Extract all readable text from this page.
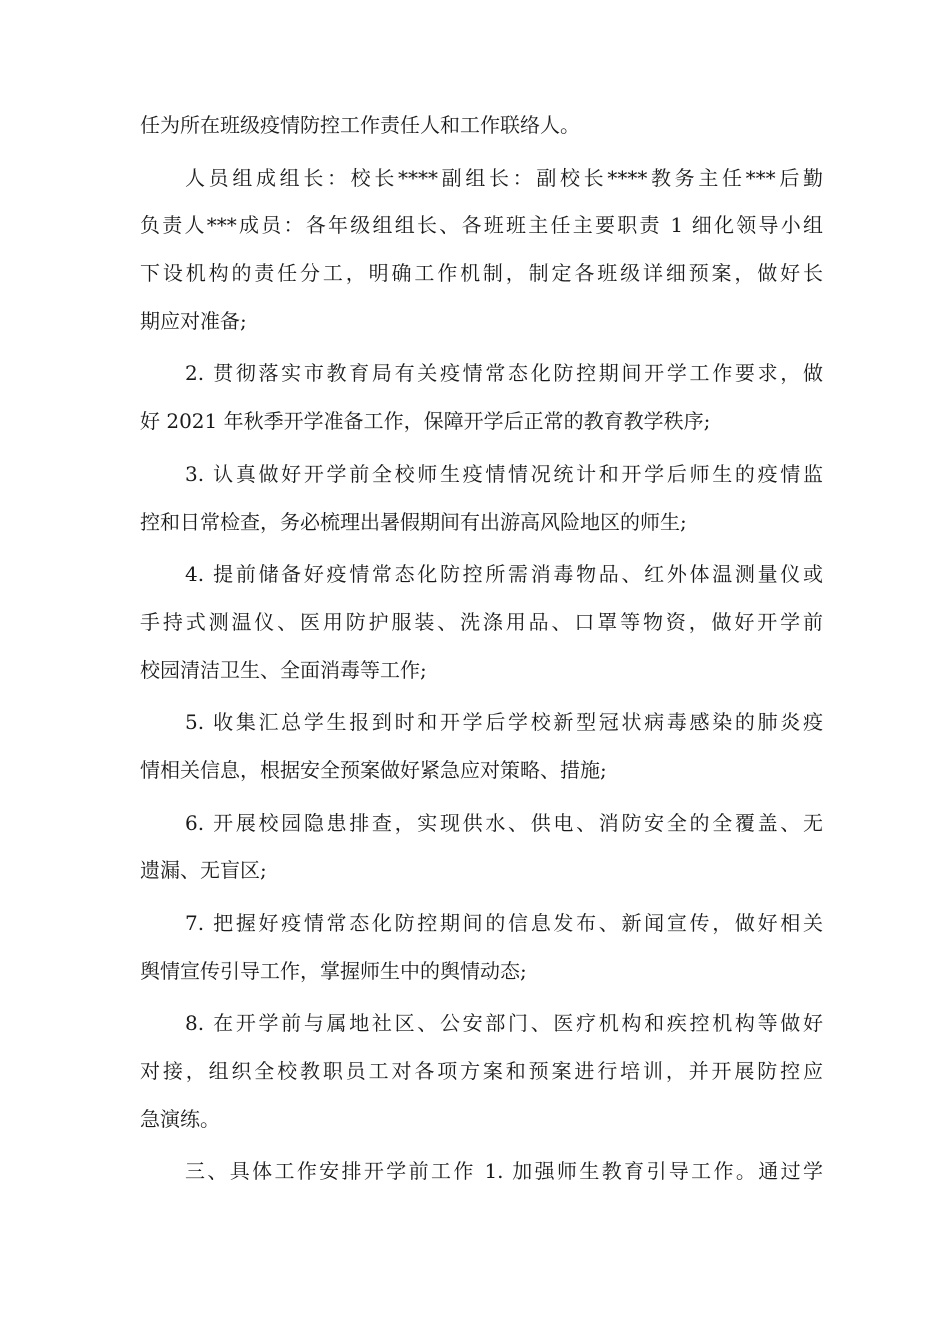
任为所在班级疫情防控工作责任人和工作联络人。
人员组成组长：校长****副组长：副校长****教务主任***后勤
负责人***成员：各年级组组长、各班班主任主要职责 1 细化领导小组
下设机构的责任分工，明确工作机制，制定各班级详细预案，做好长
期应对准备;
2. 贯彻落实市教育局有关疫情常态化防控期间开学工作要求，做
好 2021 年秋季开学准备工作，保障开学后正常的教育教学秩序;
3. 认真做好开学前全校师生疫情情况统计和开学后师生的疫情监
控和日常检查，务必梳理出暑假期间有出游高风险地区的师生;
4. 提前储备好疫情常态化防控所需消毒物品、红外体温测量仪或
手持式测温仪、医用防护服装、洗涤用品、口罩等物资，做好开学前
校园清洁卫生、全面消毒等工作;
5. 收集汇总学生报到时和开学后学校新型冠状病毒感染的肺炎疫
情相关信息，根据安全预案做好紧急应对策略、措施;
6. 开展校园隐患排查，实现供水、供电、消防安全的全覆盖、无
遗漏、无盲区;
7. 把握好疫情常态化防控期间的信息发布、新闻宣传，做好相关
舆情宣传引导工作，掌握师生中的舆情动态;
8. 在开学前与属地社区、公安部门、医疗机构和疾控机构等做好
对接，组织全校教职员工对各项方案和预案进行培训，并开展防控应
急演练。
三、具体工作安排开学前工作 1. 加强师生教育引导工作。通过学
